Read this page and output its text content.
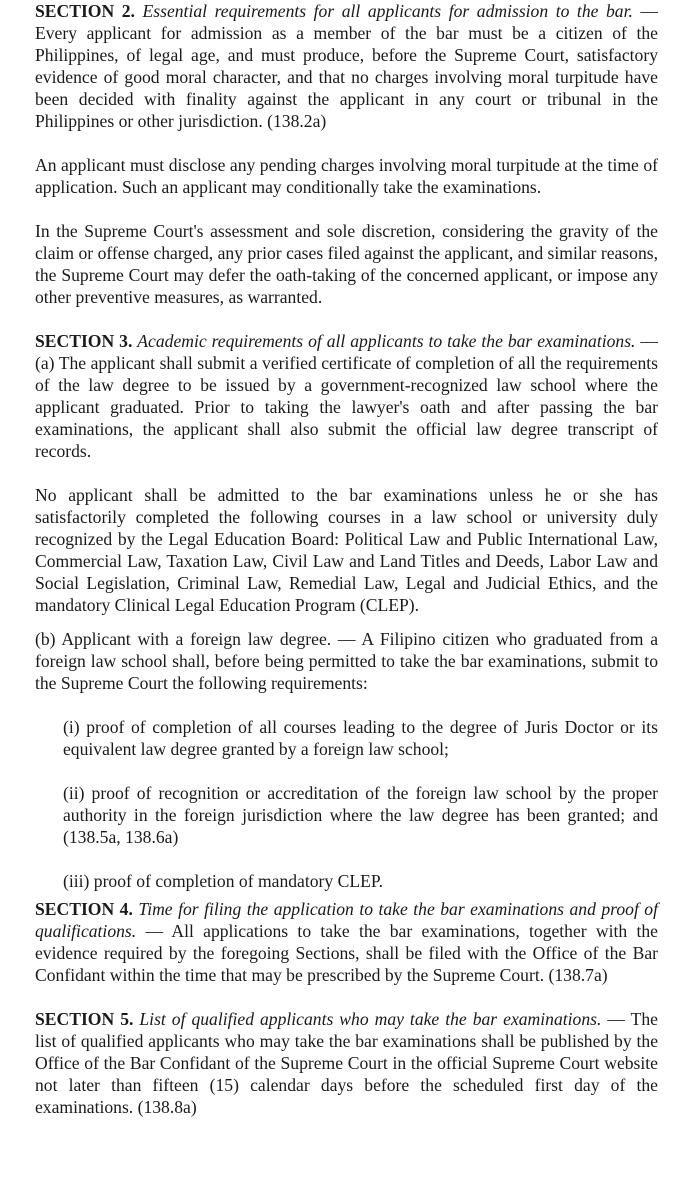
SECTION 2. Essential requirements for all applicants for admission to the bar. — Every applicant for admission as a member of the bar must be a citizen of the Philippines, of legal age, and must produce, before the Supreme Court, satisfactory evidence of good moral character, and that no charges involving moral turpitude have been decided with finality against the applicant in any court or tribunal in the Philippines or other jurisdiction. (138.2a)

An applicant must disclose any pending charges involving moral turpitude at the time of application. Such an applicant may conditionally take the examinations.

In the Supreme Court's assessment and sole discretion, considering the gravity of the claim or offense charged, any prior cases filed against the applicant, and similar reasons, the Supreme Court may defer the oath-taking of the concerned applicant, or impose any other preventive measures, as warranted.

SECTION 3. Academic requirements of all applicants to take the bar examinations. — (a) The applicant shall submit a verified certificate of completion of all the requirements of the law degree to be issued by a government-recognized law school where the applicant graduated. Prior to taking the lawyer's oath and after passing the bar examinations, the applicant shall also submit the official law degree transcript of records.

No applicant shall be admitted to the bar examinations unless he or she has satisfactorily completed the following courses in a law school or university duly recognized by the Legal Education Board: Political Law and Public International Law, Commercial Law, Taxation Law, Civil Law and Land Titles and Deeds, Labor Law and Social Legislation, Criminal Law, Remedial Law, Legal and Judicial Ethics, and the mandatory Clinical Legal Education Program (CLEP).

(b) Applicant with a foreign law degree. — A Filipino citizen who graduated from a foreign law school shall, before being permitted to take the bar examinations, submit to the Supreme Court the following requirements:

(i) proof of completion of all courses leading to the degree of Juris Doctor or its equivalent law degree granted by a foreign law school;

(ii) proof of recognition or accreditation of the foreign law school by the proper authority in the foreign jurisdiction where the law degree has been granted; and (138.5a, 138.6a)

(iii) proof of completion of mandatory CLEP.

SECTION 4. Time for filing the application to take the bar examinations and proof of qualifications. — All applications to take the bar examinations, together with the evidence required by the foregoing Sections, shall be filed with the Office of the Bar Confidant within the time that may be prescribed by the Supreme Court. (138.7a)

SECTION 5. List of qualified applicants who may take the bar examinations. — The list of qualified applicants who may take the bar examinations shall be published by the Office of the Bar Confidant of the Supreme Court in the official Supreme Court website not later than fifteen (15) calendar days before the scheduled first day of the examinations. (138.8a)
